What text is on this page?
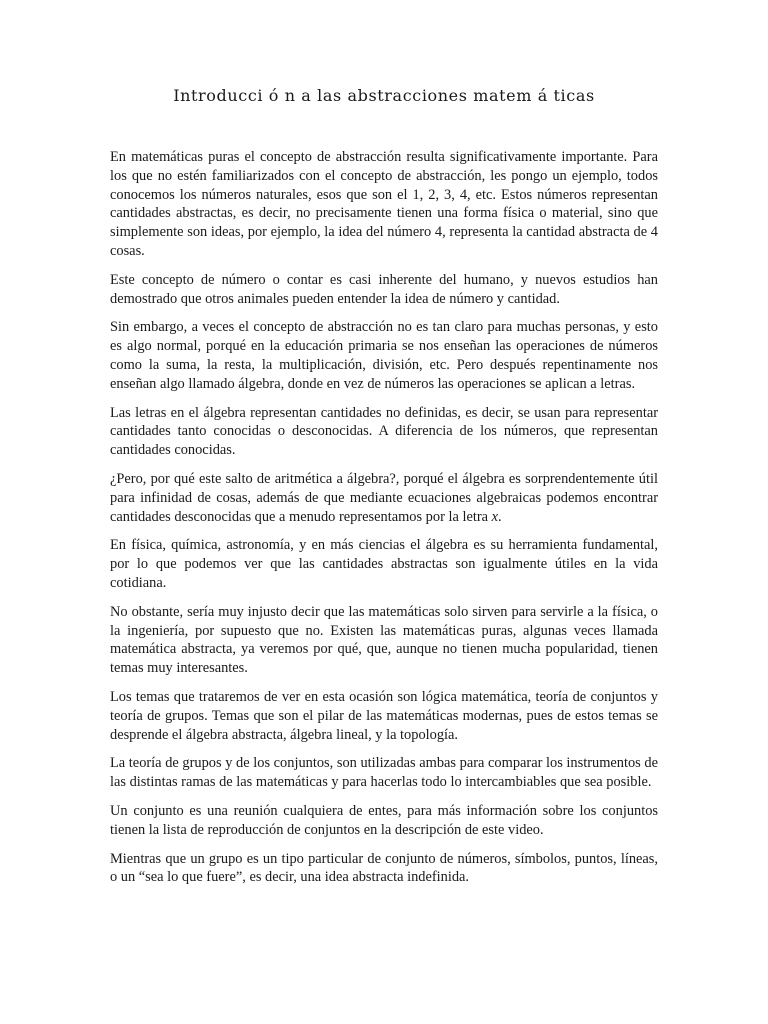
Introducci ó n a las abstracciones matem á ticas

En matemáticas puras el concepto de abstracción resulta significativamente importante. Para los que no estén familiarizados con el concepto de abstracción, les pongo un ejemplo, todos conocemos los números naturales, esos que son el 1, 2, 3, 4, etc. Estos números representan cantidades abstractas, es decir, no precisamente tienen una forma física o material, sino que simplemente son ideas, por ejemplo, la idea del número 4, representa la cantidad abstracta de 4 cosas.

Este concepto de número o contar es casi inherente del humano, y nuevos estudios han demostrado que otros animales pueden entender la idea de número y cantidad.

Sin embargo, a veces el concepto de abstracción no es tan claro para muchas personas, y esto es algo normal, porqué en la educación primaria se nos enseñan las operaciones de números como la suma, la resta, la multiplicación, división, etc. Pero después repentinamente nos enseñan algo llamado álgebra, donde en vez de números las operaciones se aplican a letras.

Las letras en el álgebra representan cantidades no definidas, es decir, se usan para representar cantidades tanto conocidas o desconocidas. A diferencia de los números, que representan cantidades conocidas.

¿Pero, por qué este salto de aritmética a álgebra?, porqué el álgebra es sorprendentemente útil para infinidad de cosas, además de que mediante ecuaciones algebraicas podemos encontrar cantidades desconocidas que a menudo representamos por la letra x.

En física, química, astronomía, y en más ciencias el álgebra es su herramienta fundamental, por lo que podemos ver que las cantidades abstractas son igualmente útiles en la vida cotidiana.

No obstante, sería muy injusto decir que las matemáticas solo sirven para servirle a la física, o la ingeniería, por supuesto que no. Existen las matemáticas puras, algunas veces llamada matemática abstracta, ya veremos por qué, que, aunque no tienen mucha popularidad, tienen temas muy interesantes.

Los temas que trataremos de ver en esta ocasión son lógica matemática, teoría de conjuntos y teoría de grupos. Temas que son el pilar de las matemáticas modernas, pues de estos temas se desprende el álgebra abstracta, álgebra lineal, y la topología.

La teoría de grupos y de los conjuntos, son utilizadas ambas para comparar los instrumentos de las distintas ramas de las matemáticas y para hacerlas todo lo intercambiables que sea posible.

Un conjunto es una reunión cualquiera de entes, para más información sobre los conjuntos tienen la lista de reproducción de conjuntos en la descripción de este video.

Mientras que un grupo es un tipo particular de conjunto de números, símbolos, puntos, líneas, o un “sea lo que fuere”, es decir, una idea abstracta indefinida.
